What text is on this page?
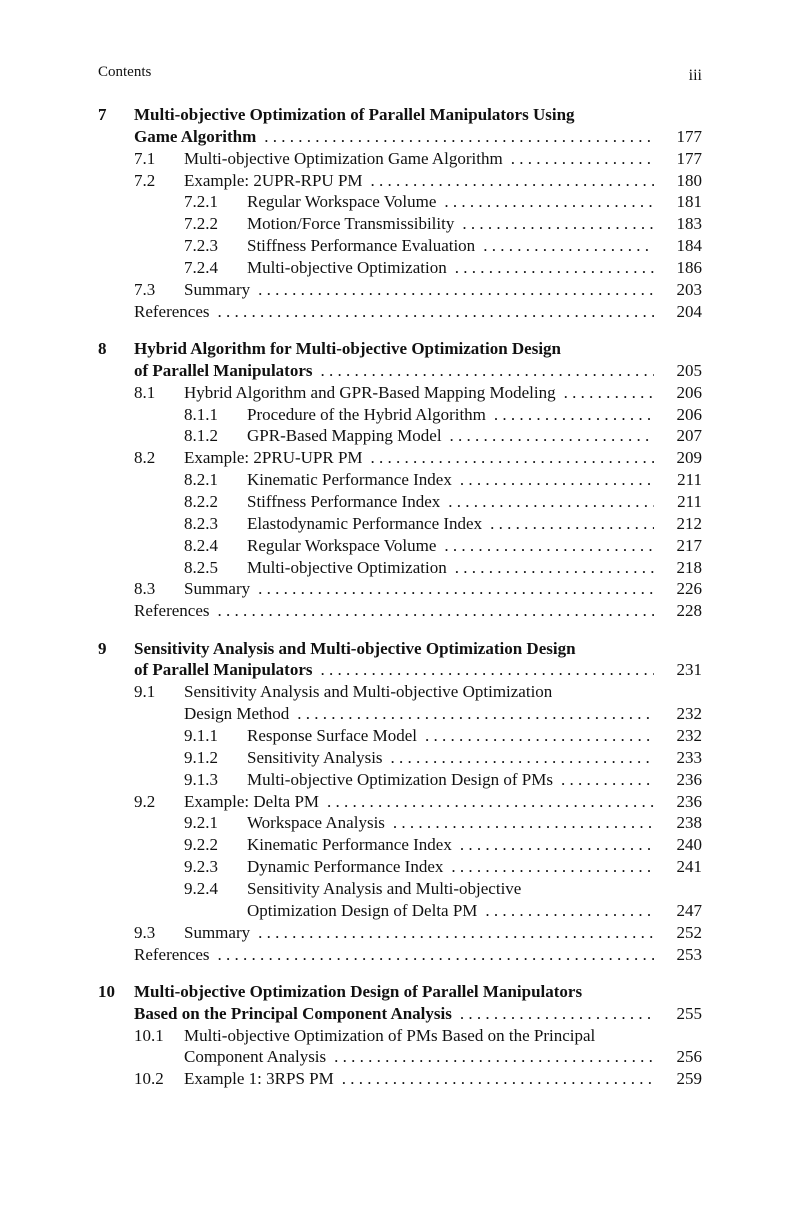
Contents	iii
7 Multi-objective Optimization of Parallel Manipulators Using
Game Algorithm . . .	177
7.1 Multi-objective Optimization Game Algorithm . . .	177
7.2 Example: 2UPR-RPU PM . . .	180
7.2.1 Regular Workspace Volume . . .	181
7.2.2 Motion/Force Transmissibility . . .	183
7.2.3 Stiffness Performance Evaluation . . .	184
7.2.4 Multi-objective Optimization . . .	186
7.3 Summary . . .	203
References . . .	204
8 Hybrid Algorithm for Multi-objective Optimization Design
of Parallel Manipulators . . .	205
8.1 Hybrid Algorithm and GPR-Based Mapping Modeling . . .	206
8.1.1 Procedure of the Hybrid Algorithm . . .	206
8.1.2 GPR-Based Mapping Model . . .	207
8.2 Example: 2PRU-UPR PM . . .	209
8.2.1 Kinematic Performance Index . . .	211
8.2.2 Stiffness Performance Index . . .	211
8.2.3 Elastodynamic Performance Index . . .	212
8.2.4 Regular Workspace Volume . . .	217
8.2.5 Multi-objective Optimization . . .	218
8.3 Summary . . .	226
References . . .	228
9 Sensitivity Analysis and Multi-objective Optimization Design
of Parallel Manipulators . . .	231
9.1 Sensitivity Analysis and Multi-objective Optimization
Design Method . . .	232
9.1.1 Response Surface Model . . .	232
9.1.2 Sensitivity Analysis . . .	233
9.1.3 Multi-objective Optimization Design of PMs . . .	236
9.2 Example: Delta PM . . .	236
9.2.1 Workspace Analysis . . .	238
9.2.2 Kinematic Performance Index . . .	240
9.2.3 Dynamic Performance Index . . .	241
9.2.4 Sensitivity Analysis and Multi-objective
Optimization Design of Delta PM . . .	247
9.3 Summary . . .	252
References . . .	253
10 Multi-objective Optimization Design of Parallel Manipulators
Based on the Principal Component Analysis . . .	255
10.1 Multi-objective Optimization of PMs Based on the Principal
Component Analysis . . .	256
10.2 Example 1: 3RPS PM . . .	259
